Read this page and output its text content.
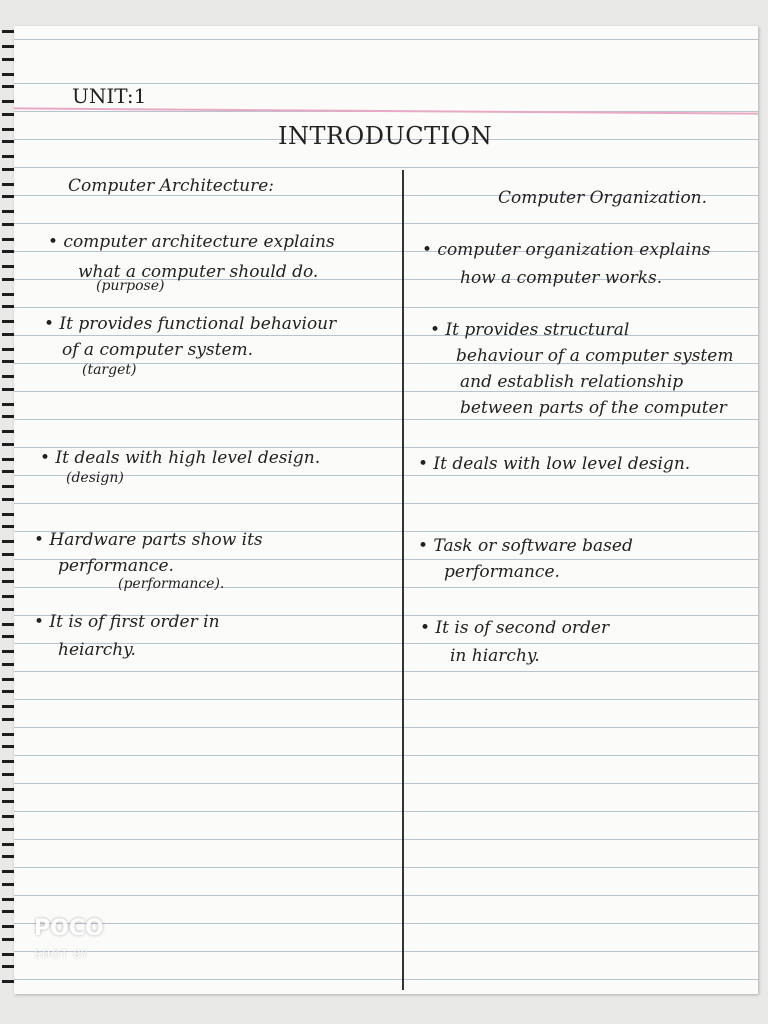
UNIT:1
INTRODUCTION
Computer Architecture:
Computer Organization.
• computer architecture explains
what a computer should do.
(purpose)
• It provides functional behaviour
of a computer system.
(target)
• It deals with high level design.
(design)
• Hardware parts show its
performance.
(performance).
• It is of first order in
heiarchy.
• computer organization explains
how a computer works.
• It provides structural
behaviour of a computer system
and establish relationship
between parts of the computer
• It deals with low level design.
• Task or software based
performance.
• It is of second order
in hiarchy.
POCO
SHOT BY
